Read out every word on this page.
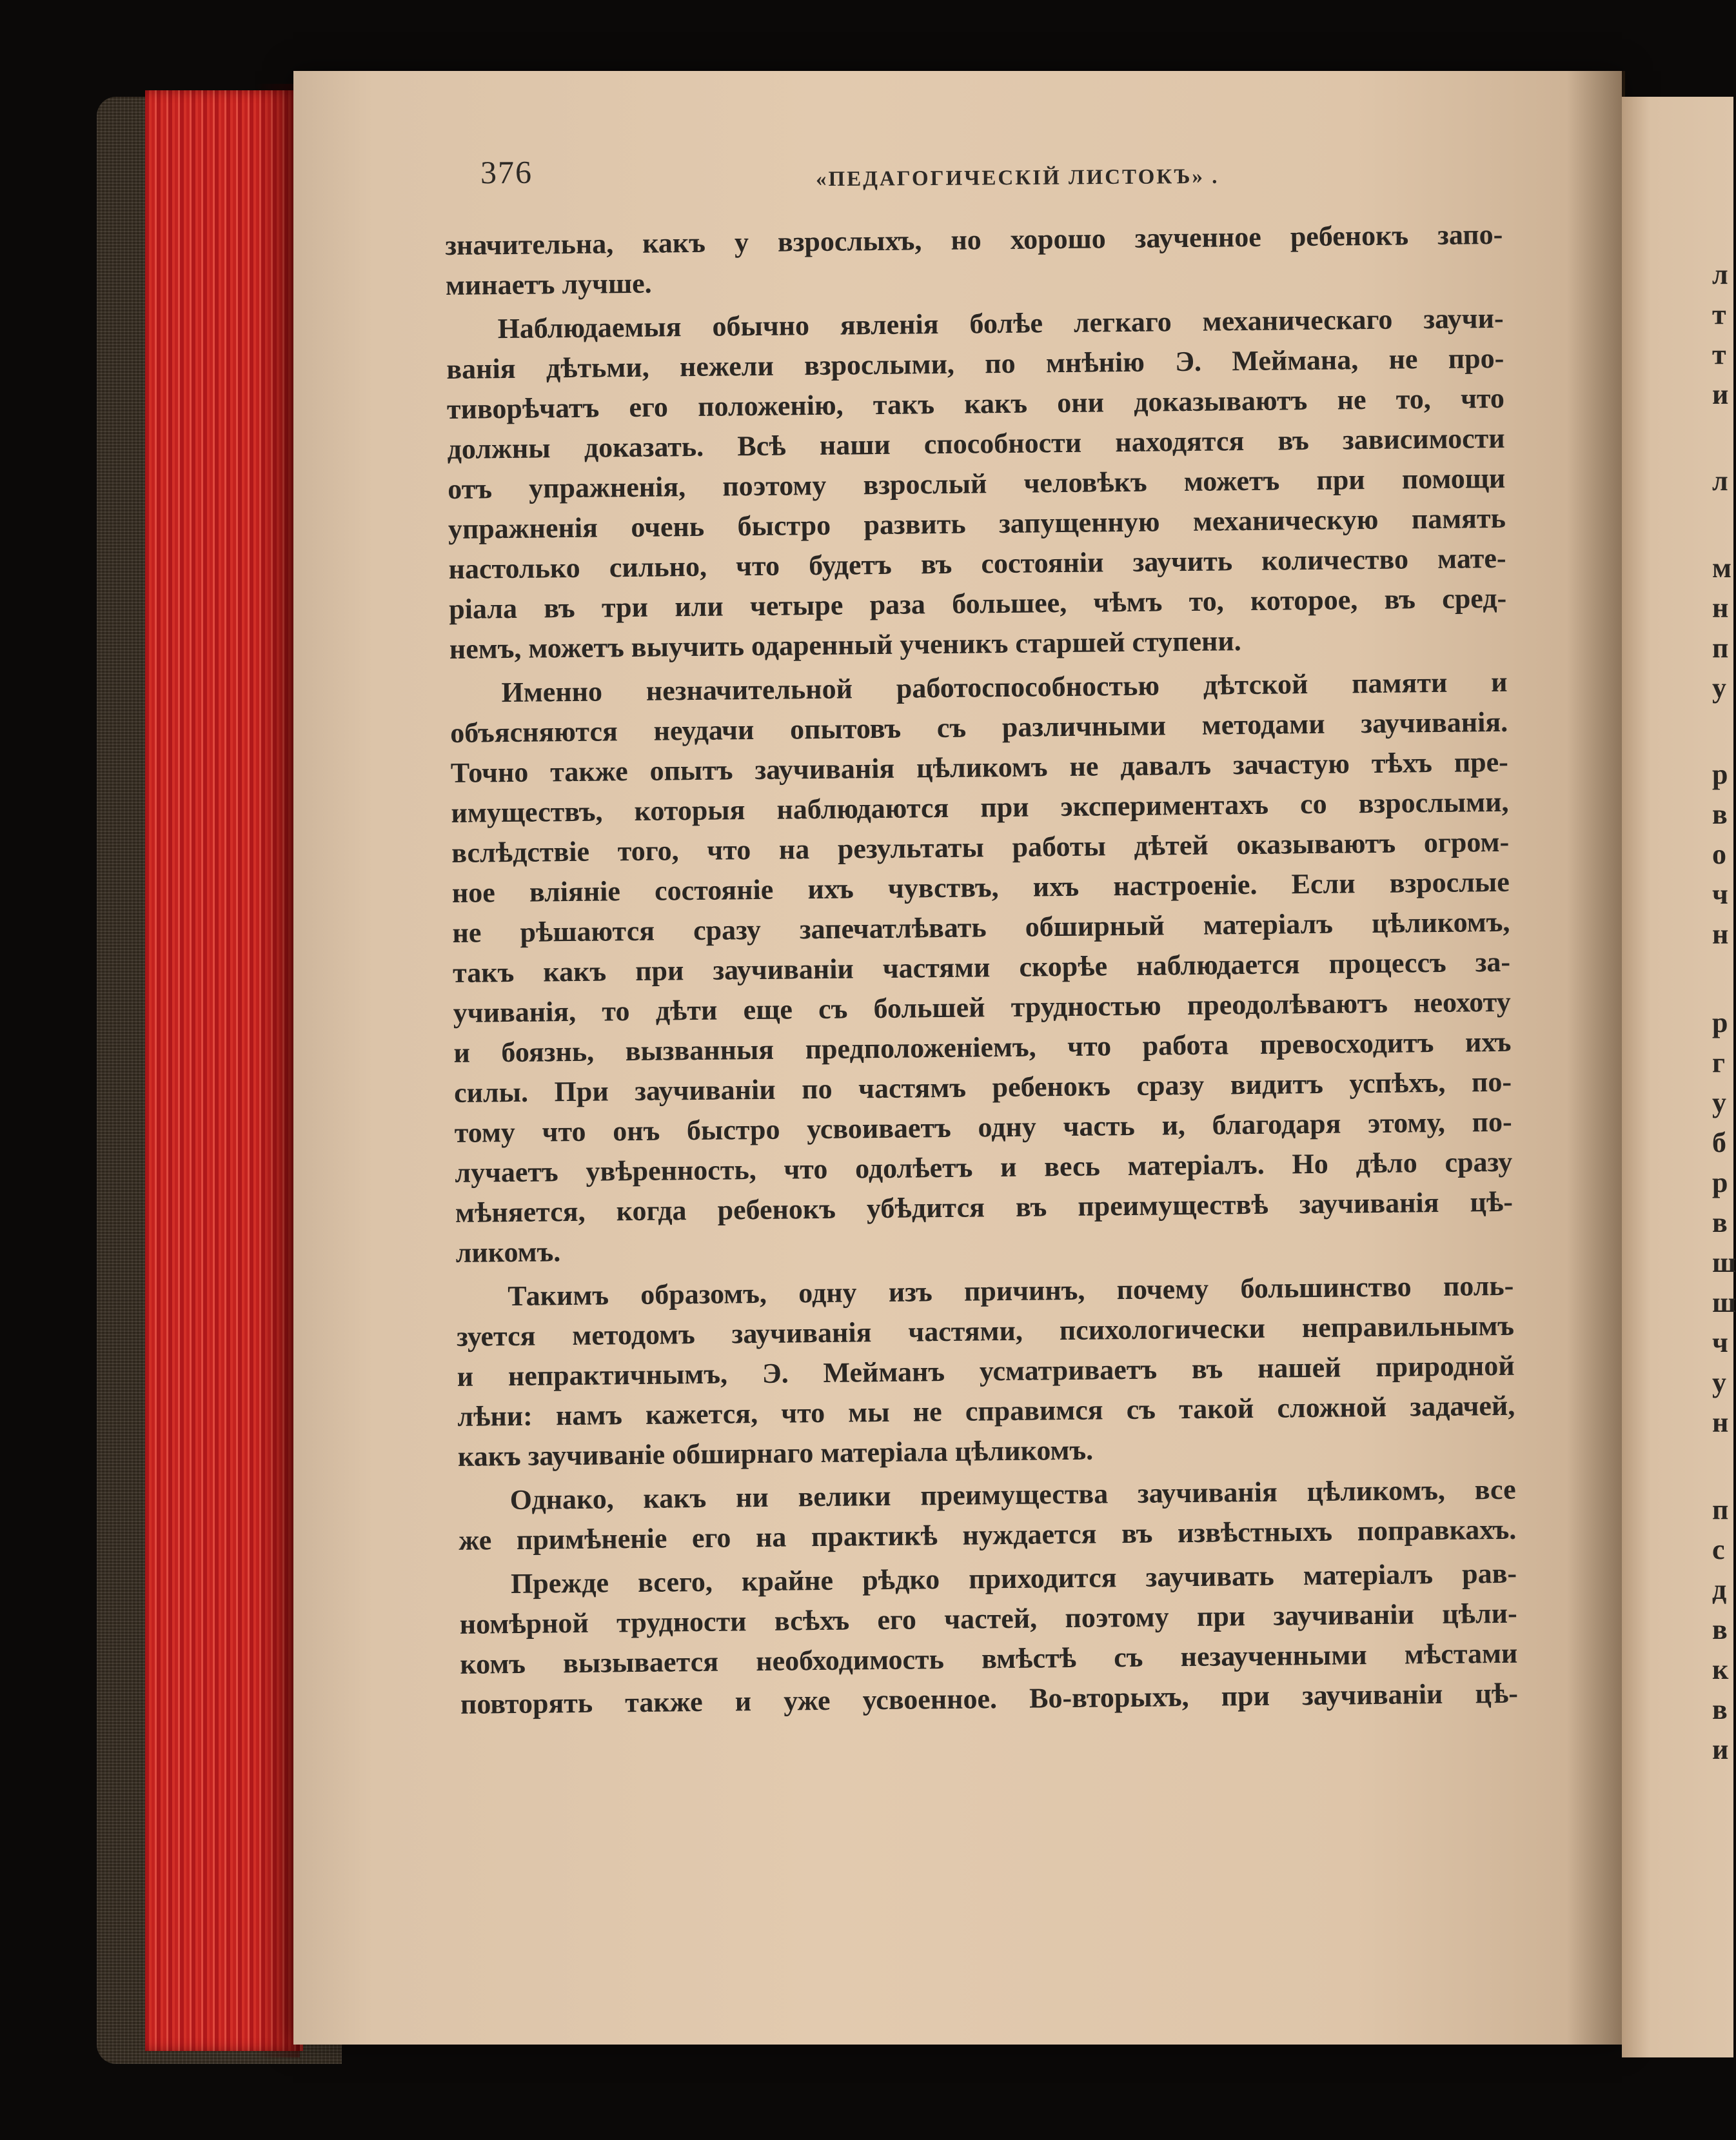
376	«ПЕДАГОГИЧЕСКІЙ ЛИСТОКЪ» .
значительна, какъ у взрослыхъ, но хорошо заученное ребенокъ запо-
минаетъ лучше.
Наблюдаемыя обычно явленія болѣе легкаго механическаго заучи-
ванія дѣтьми, нежели взрослыми, по мнѣнію Э. Меймана, не про-
тиворѣчатъ его положенію, такъ какъ они доказываютъ не то, что
должны доказать. Всѣ наши способности находятся въ зависимости
отъ упражненія, поэтому взрослый человѣкъ можетъ при помощи
упражненія очень быстро развить запущенную механическую память
настолько сильно, что будетъ въ состояніи заучить количество мате-
ріала въ три или четыре раза большее, чѣмъ то, которое, въ сред-
немъ, можетъ выучить одаренный ученикъ старшей ступени.
Именно незначительной работоспособностью дѣтской памяти и
объясняются неудачи опытовъ съ различными методами заучиванія.
Точно также опытъ заучиванія цѣликомъ не давалъ зачастую тѣхъ пре-
имуществъ, которыя наблюдаются при экспериментахъ со взрослыми,
вслѣдствіе того, что на результаты работы дѣтей оказываютъ огром-
ное вліяніе состояніе ихъ чувствъ, ихъ настроеніе. Если взрослые
не рѣшаются сразу запечатлѣвать обширный матеріалъ цѣликомъ,
такъ какъ при заучиваніи частями скорѣе наблюдается процессъ за-
учиванія, то дѣти еще съ большей трудностью преодолѣваютъ неохоту
и боязнь, вызванныя предположеніемъ, что работа превосходитъ ихъ
силы. При заучиваніи по частямъ ребенокъ сразу видитъ успѣхъ, по-
тому что онъ быстро усвоиваетъ одну часть и, благодаря этому, по-
лучаетъ увѣренность, что одолѣетъ и весь матеріалъ. Но дѣло сразу
мѣняется, когда ребенокъ убѣдится въ преимуществѣ заучиванія цѣ-
ликомъ.
Такимъ образомъ, одну изъ причинъ, почему большинство поль-
зуется методомъ заучиванія частями, психологически неправильнымъ
и непрактичнымъ, Э. Мейманъ усматриваетъ въ нашей природной
лѣни: намъ кажется, что мы не справимся съ такой сложной задачей,
какъ заучиваніе обширнаго матеріала цѣликомъ.
Однако, какъ ни велики преимущества заучиванія цѣликомъ, все
же примѣненіе его на практикѣ нуждается въ извѣстныхъ поправкахъ.
Прежде всего, крайне рѣдко приходится заучивать матеріалъ рав-
номѣрной трудности всѣхъ его частей, поэтому при заучиваніи цѣли-
комъ вызывается необходимость вмѣстѣ съ незаученными мѣстами
повторять также и уже усвоенное. Во-вторыхъ, при заучиваніи цѣ-
л
т
т
и
л
м
н
п
у
р
в
о
ч
н
р
г
у
б
р
в
ш
ш
ч
у
н
п
с
д
в
к
в
и
